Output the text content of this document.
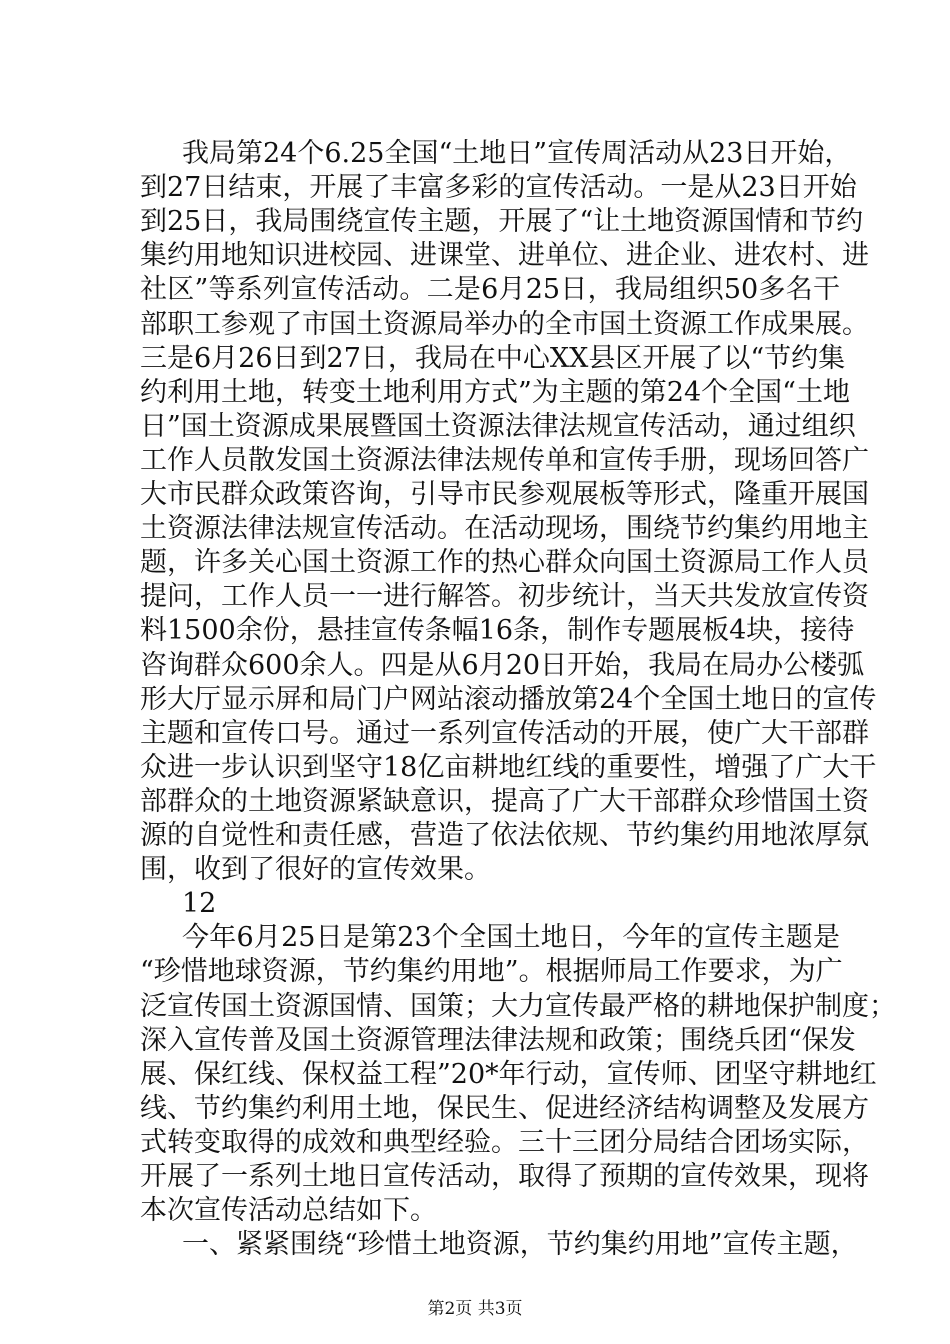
我局第24个6.25全国“土地日”宣传周活动从23日开始，
到27日结束，开展了丰富多彩的宣传活动。一是从23日开始
到25日，我局围绕宣传主题，开展了“让土地资源国情和节约
集约用地知识进校园、进课堂、进单位、进企业、进农村、进
社区”等系列宣传活动。二是6月25日，我局组织50多名干
部职工参观了市国土资源局举办的全市国土资源工作成果展。
三是6月26日到27日，我局在中心XX县区开展了以“节约集
约利用土地，转变土地利用方式”为主题的第24个全国“土地
日”国土资源成果展暨国土资源法律法规宣传活动，通过组织
工作人员散发国土资源法律法规传单和宣传手册，现场回答广
大市民群众政策咨询，引导市民参观展板等形式，隆重开展国
土资源法律法规宣传活动。在活动现场，围绕节约集约用地主
题，许多关心国土资源工作的热心群众向国土资源局工作人员
提问，工作人员一一进行解答。初步统计，当天共发放宣传资
料1500余份，悬挂宣传条幅16条，制作专题展板4块，接待
咨询群众600余人。四是从6月20日开始，我局在局办公楼弧
形大厅显示屏和局门户网站滚动播放第24个全国土地日的宣传
主题和宣传口号。通过一系列宣传活动的开展，使广大干部群
众进一步认识到坚守18亿亩耕地红线的重要性，增强了广大干
部群众的土地资源紧缺意识，提高了广大干部群众珍惜国土资
源的自觉性和责任感，营造了依法依规、节约集约用地浓厚氛
围，收到了很好的宣传效果。
12
今年6月25日是第23个全国土地日，今年的宣传主题是
“珍惜地球资源，节约集约用地”。根据师局工作要求，为广
泛宣传国土资源国情、国策；大力宣传最严格的耕地保护制度；
深入宣传普及国土资源管理法律法规和政策；围绕兵团“保发
展、保红线、保权益工程”20*年行动，宣传师、团坚守耕地红
线、节约集约利用土地，保民生、促进经济结构调整及发展方
式转变取得的成效和典型经验。三十三团分局结合团场实际，
开展了一系列土地日宣传活动，取得了预期的宣传效果，现将
本次宣传活动总结如下。
第2页 共3页
一、紧紧围绕“珍惜土地资源，节约集约用地”宣传主题，
